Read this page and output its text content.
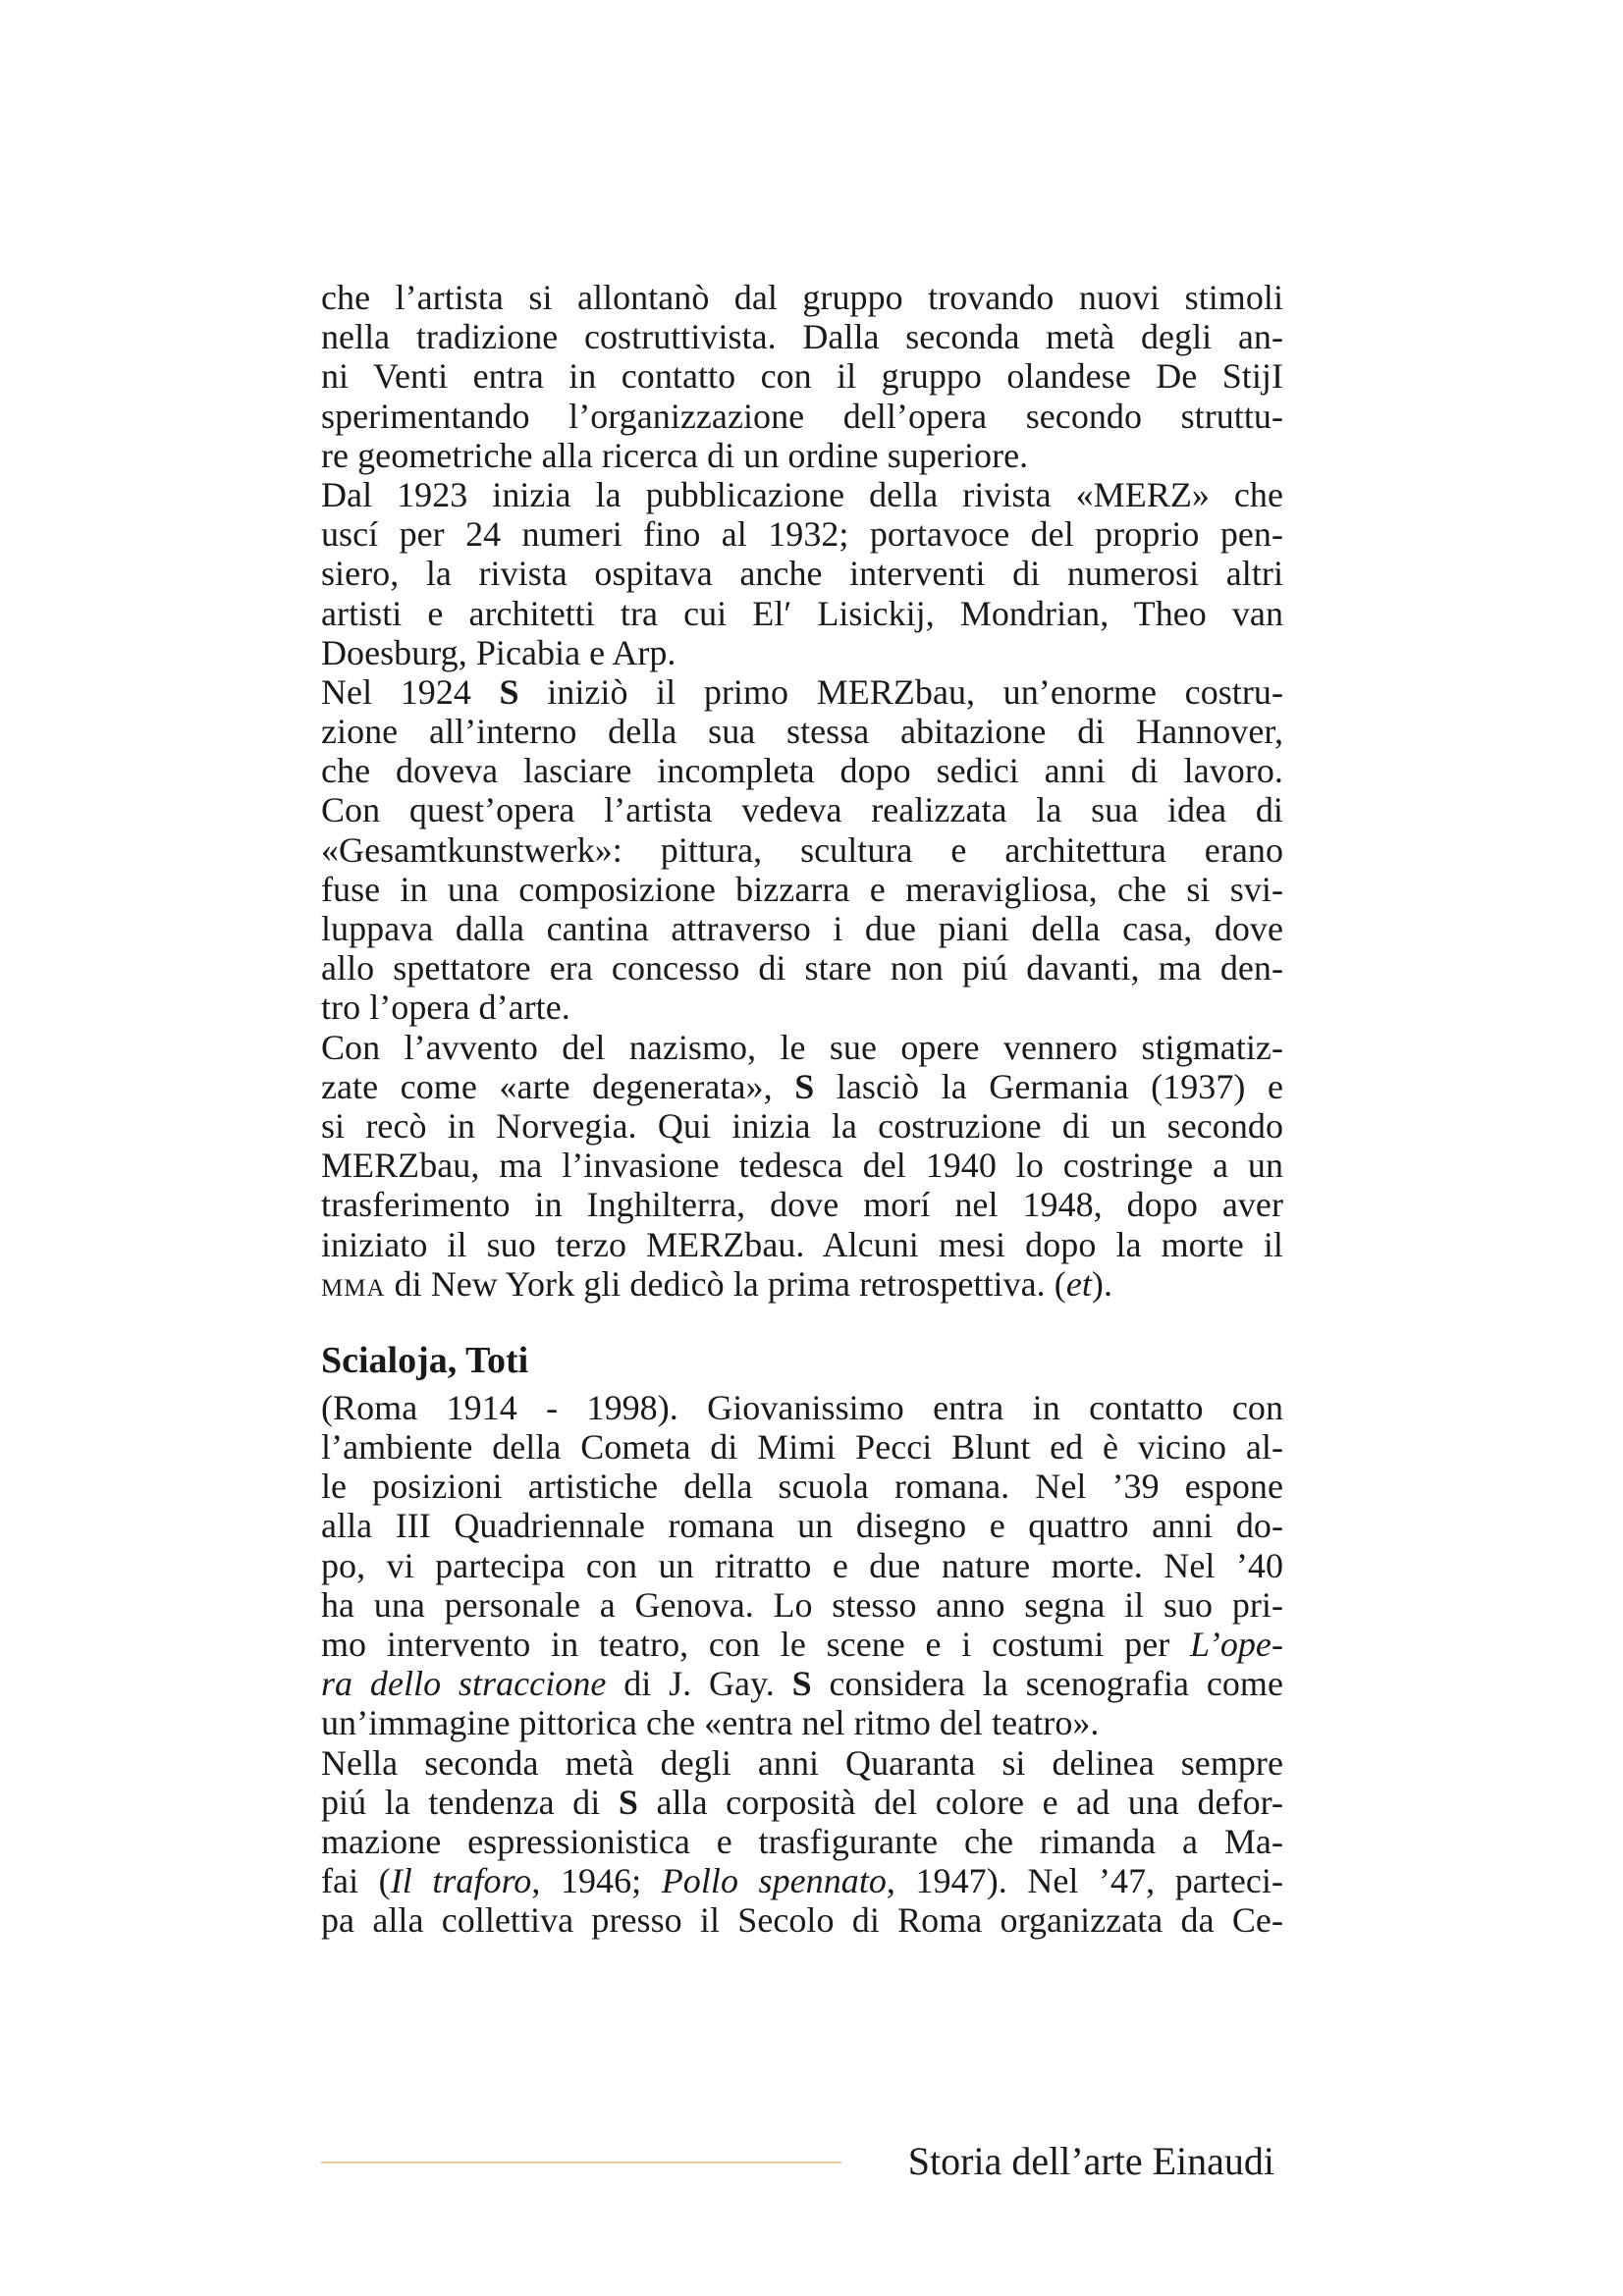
che l’artista si allontanò dal gruppo trovando nuovi stimoli
nella tradizione costruttivista. Dalla seconda metà degli an-
ni Venti entra in contatto con il gruppo olandese De StijI
sperimentando l’organizzazione dell’opera secondo struttu-
re geometriche alla ricerca di un ordine superiore.
Dal 1923 inizia la pubblicazione della rivista «MERZ» che
uscí per 24 numeri fino al 1932; portavoce del proprio pen-
siero, la rivista ospitava anche interventi di numerosi altri
artisti e architetti tra cui El′ Lisickij, Mondrian, Theo van
Doesburg, Picabia e Arp.
Nel 1924 S iniziò il primo MERZbau, un’enorme costru-
zione all’interno della sua stessa abitazione di Hannover,
che doveva lasciare incompleta dopo sedici anni di lavoro.
Con quest’opera l’artista vedeva realizzata la sua idea di
«Gesamtkunstwerk»: pittura, scultura e architettura erano
fuse in una composizione bizzarra e meravigliosa, che si svi-
luppava dalla cantina attraverso i due piani della casa, dove
allo spettatore era concesso di stare non piú davanti, ma den-
tro l’opera d’arte.
Con l’avvento del nazismo, le sue opere vennero stigmatiz-
zate come «arte degenerata», S lasciò la Germania (1937) e
si recò in Norvegia. Qui inizia la costruzione di un secondo
MERZbau, ma l’invasione tedesca del 1940 lo costringe a un
trasferimento in Inghilterra, dove morí nel 1948, dopo aver
iniziato il suo terzo MERZbau. Alcuni mesi dopo la morte il
mma di New York gli dedicò la prima retrospettiva. (et).
Scialoja, Toti
(Roma 1914 - 1998). Giovanissimo entra in contatto con
l’ambiente della Cometa di Mimi Pecci Blunt ed è vicino al-
le posizioni artistiche della scuola romana. Nel ’39 espone
alla III Quadriennale romana un disegno e quattro anni do-
po, vi partecipa con un ritratto e due nature morte. Nel ’40
ha una personale a Genova. Lo stesso anno segna il suo pri-
mo intervento in teatro, con le scene e i costumi per L’ope-
ra dello straccione di J. Gay. S considera la scenografia come
un’immagine pittorica che «entra nel ritmo del teatro».
Nella seconda metà degli anni Quaranta si delinea sempre
piú la tendenza di S alla corposità del colore e ad una defor-
mazione espressionistica e trasfigurante che rimanda a Ma-
fai (Il traforo, 1946; Pollo spennato, 1947). Nel ’47, parteci-
pa alla collettiva presso il Secolo di Roma organizzata da Ce-
Storia dell’arte Einaudi
